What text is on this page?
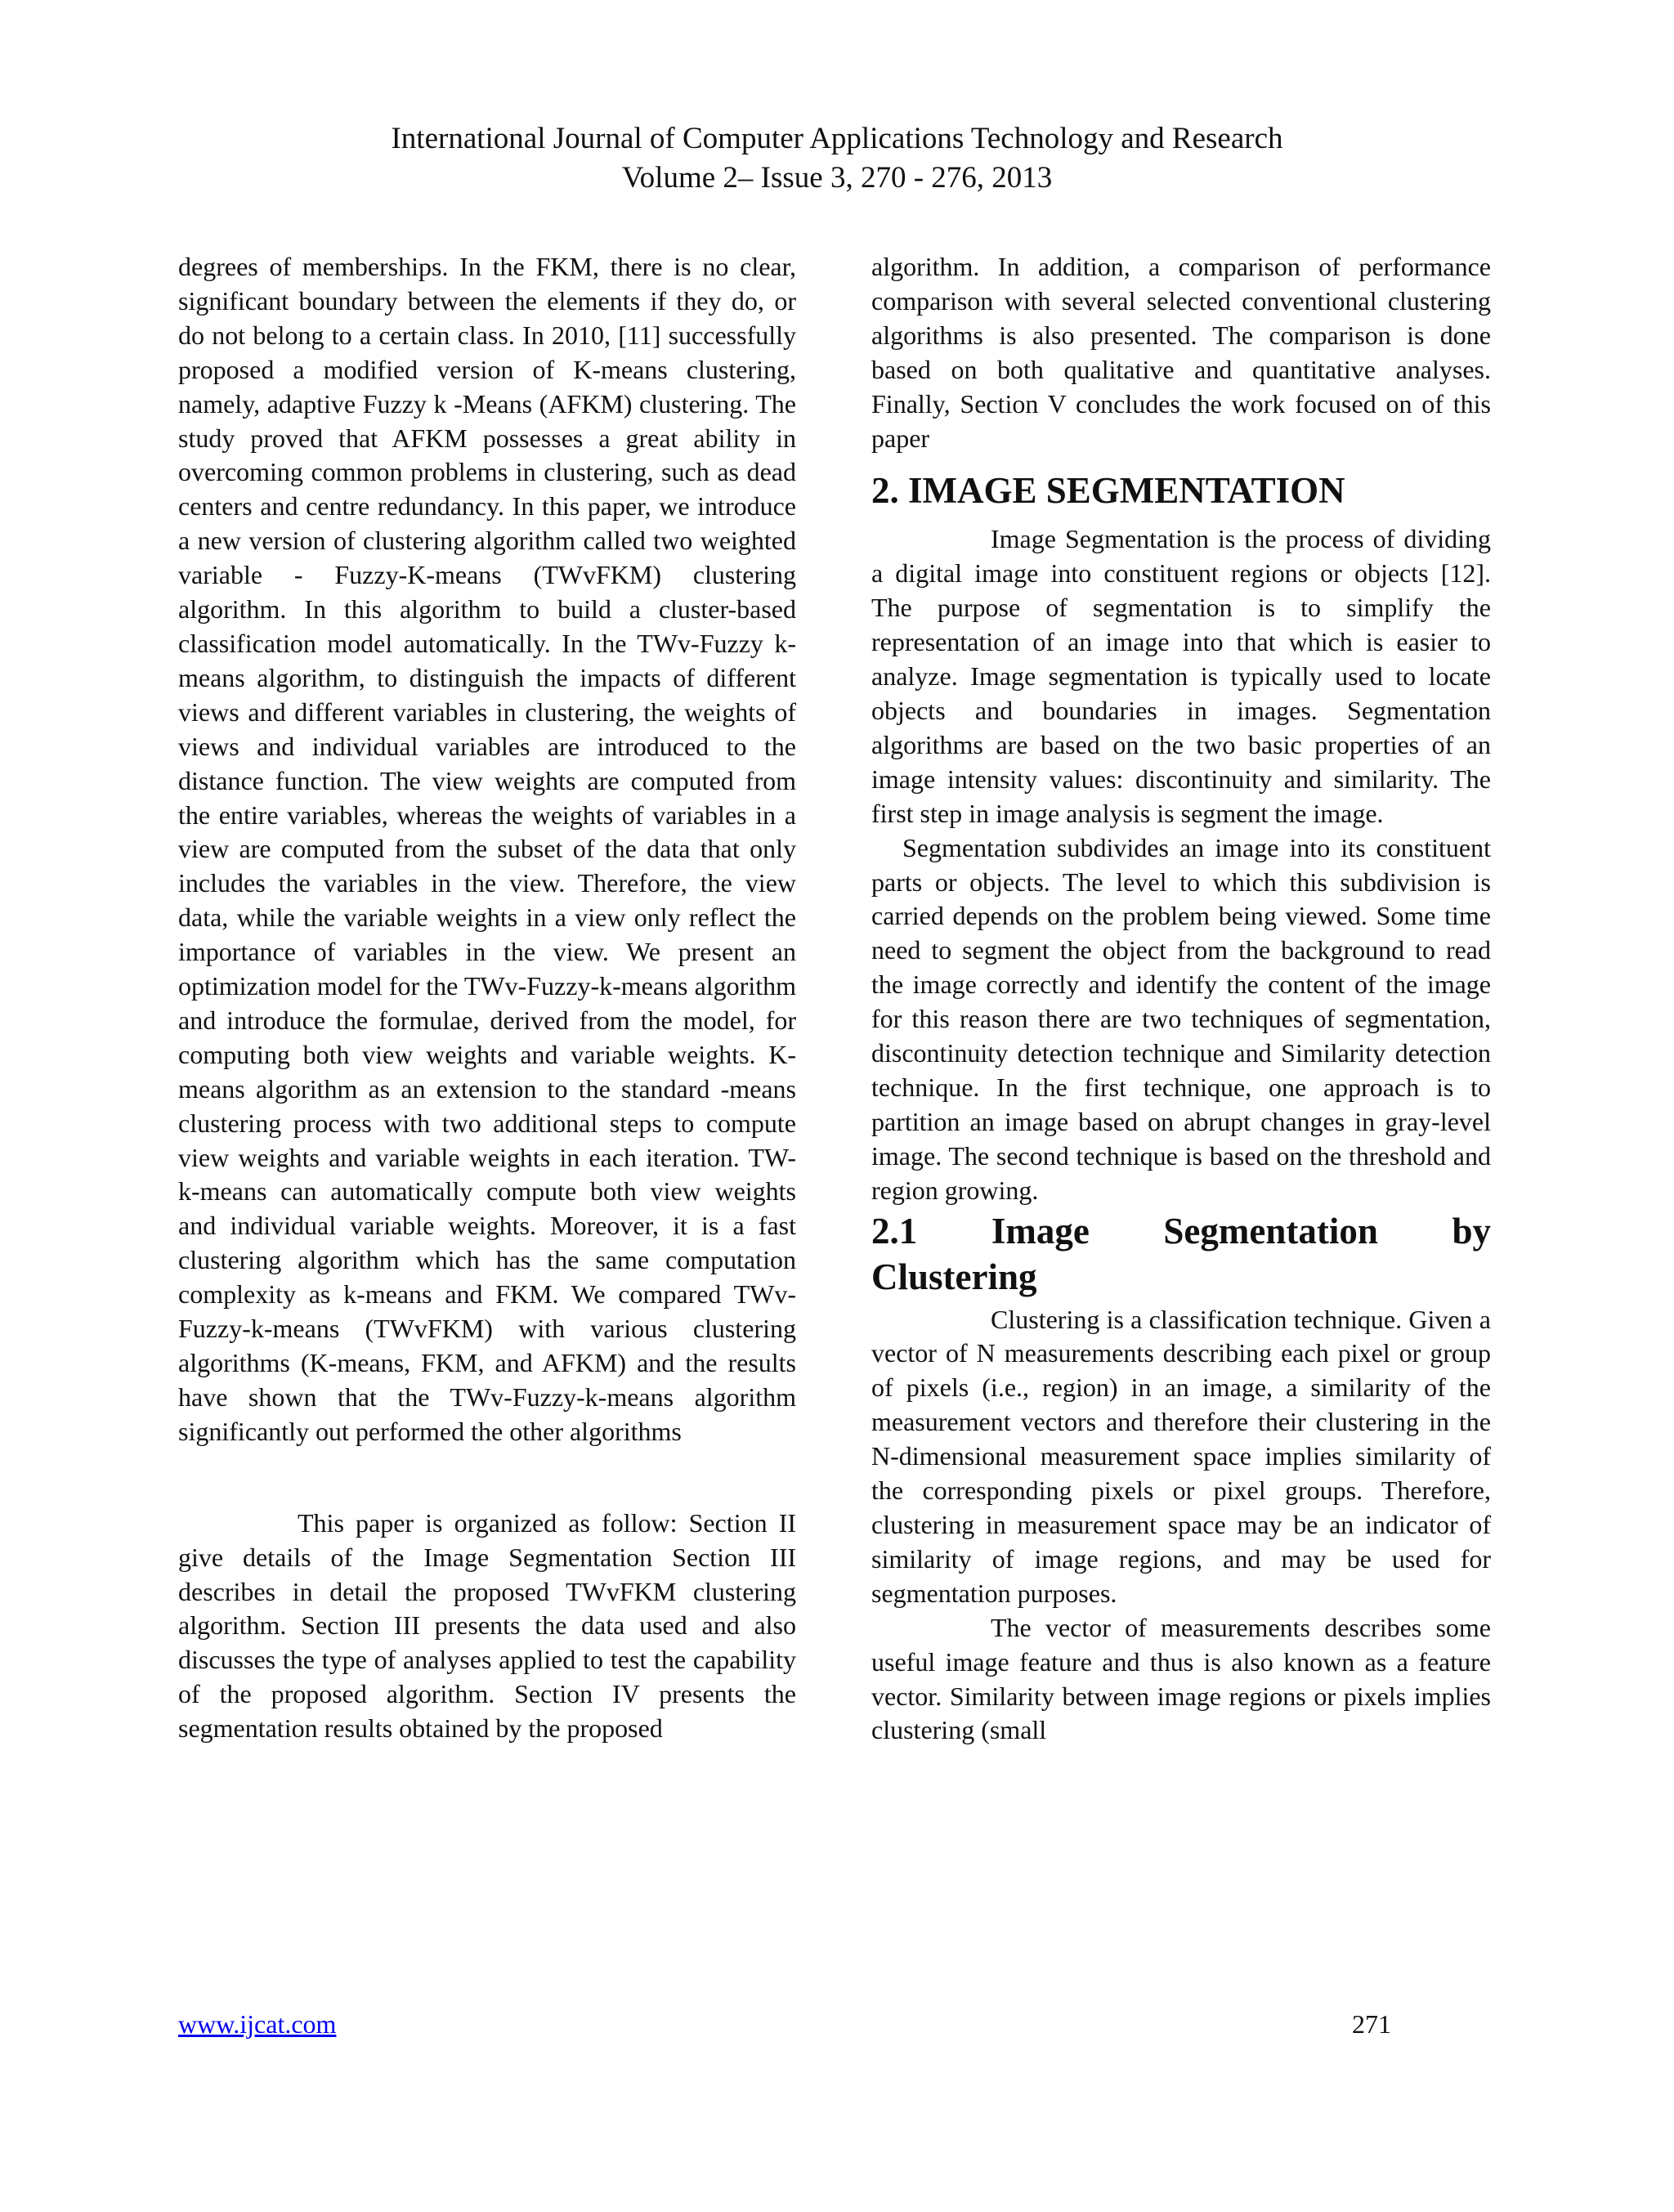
International Journal of Computer Applications Technology and Research
Volume 2– Issue 3, 270 - 276, 2013

degrees of memberships. In the FKM, there is no clear, significant boundary between the elements if they do, or do not belong to a certain class. In 2010, [11] successfully proposed a modified version of K-means clustering, namely, adaptive Fuzzy k -Means (AFKM) clustering. The study proved that AFKM possesses a great ability in overcoming common problems in clustering, such as dead centers and centre redundancy. In this paper, we introduce a new version of clustering algorithm called two weighted variable - Fuzzy-K-means (TWvFKM) clustering algorithm. In this algorithm to build a cluster-based classification model automatically. In the TWv-Fuzzy k-means algorithm, to distinguish the impacts of different views and different variables in clustering, the weights of views and individual variables are introduced to the distance function. The view weights are computed from the entire variables, whereas the weights of variables in a view are computed from the subset of the data that only includes the variables in the view. Therefore, the view data, while the variable weights in a view only reflect the importance of variables in the view. We present an optimization model for the TWv-Fuzzy-k-means algorithm and introduce the formulae, derived from the model, for computing both view weights and variable weights. K-means algorithm as an extension to the standard -means clustering process with two additional steps to compute view weights and variable weights in each iteration. TW-k-means can automatically compute both view weights and individual variable weights. Moreover, it is a fast clustering algorithm which has the same computation complexity as k-means and FKM. We compared TWv-Fuzzy-k-means (TWvFKM) with various clustering algorithms (K-means, FKM, and AFKM) and the results have shown that the TWv-Fuzzy-k-means algorithm significantly out performed the other algorithms

This paper is organized as follow: Section II give details of the Image Segmentation Section III describes in detail the proposed TWvFKM clustering algorithm. Section III presents the data used and also discusses the type of analyses applied to test the capability of the proposed algorithm. Section IV presents the segmentation results obtained by the proposed

algorithm. In addition, a comparison of performance comparison with several selected conventional clustering algorithms is also presented. The comparison is done based on both qualitative and quantitative analyses. Finally, Section V concludes the work focused on of this paper

2. IMAGE SEGMENTATION

Image Segmentation is the process of dividing a digital image into constituent regions or objects [12]. The purpose of segmentation is to simplify the representation of an image into that which is easier to analyze. Image segmentation is typically used to locate objects and boundaries in images. Segmentation algorithms are based on the two basic properties of an image intensity values: discontinuity and similarity. The first step in image analysis is segment the image.

Segmentation subdivides an image into its constituent parts or objects. The level to which this subdivision is carried depends on the problem being viewed. Some time need to segment the object from the background to read the image correctly and identify the content of the image for this reason there are two techniques of segmentation, discontinuity detection technique and Similarity detection technique. In the first technique, one approach is to partition an image based on abrupt changes in gray-level image. The second technique is based on the threshold and region growing.

2.1 Image Segmentation by
Clustering

Clustering is a classification technique. Given a vector of N measurements describing each pixel or group of pixels (i.e., region) in an image, a similarity of the measurement vectors and therefore their clustering in the N-dimensional measurement space implies similarity of the corresponding pixels or pixel groups. Therefore, clustering in measurement space may be an indicator of similarity of image regions, and may be used for segmentation purposes.

The vector of measurements describes some useful image feature and thus is also known as a feature vector. Similarity between image regions or pixels implies clustering (small

www.ijcat.com	271
